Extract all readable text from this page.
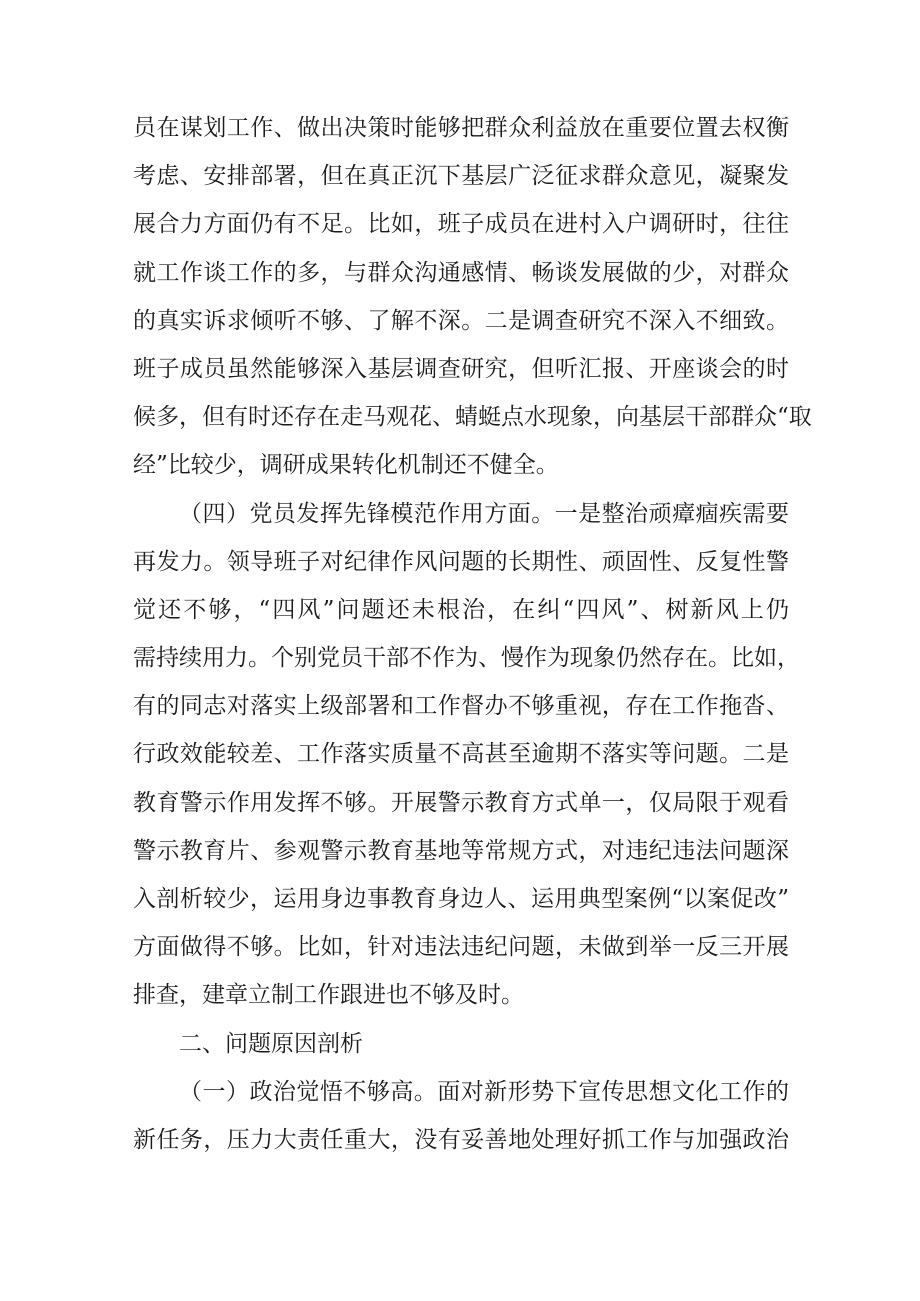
员在谋划工作、做出决策时能够把群众利益放在重要位置去权衡
考虑、安排部署，但在真正沉下基层广泛征求群众意见，凝聚发
展合力方面仍有不足。比如，班子成员在进村入户调研时，往往
就工作谈工作的多，与群众沟通感情、畅谈发展做的少，对群众
的真实诉求倾听不够、了解不深。二是调查研究不深入不细致。
班子成员虽然能够深入基层调查研究，但听汇报、开座谈会的时
候多，但有时还存在走马观花、蜻蜓点水现象，向基层干部群众“取
经”比较少，调研成果转化机制还不健全。
（四）党员发挥先锋模范作用方面。一是整治顽瘴痼疾需要
再发力。领导班子对纪律作风问题的长期性、顽固性、反复性警
觉还不够，“四风”问题还未根治，在纠“四风”、树新风上仍
需持续用力。个别党员干部不作为、慢作为现象仍然存在。比如，
有的同志对落实上级部署和工作督办不够重视，存在工作拖沓、
行政效能较差、工作落实质量不高甚至逾期不落实等问题。二是
教育警示作用发挥不够。开展警示教育方式单一，仅局限于观看
警示教育片、参观警示教育基地等常规方式，对违纪违法问题深
入剖析较少，运用身边事教育身边人、运用典型案例“以案促改”
方面做得不够。比如，针对违法违纪问题，未做到举一反三开展
排查，建章立制工作跟进也不够及时。
二、问题原因剖析
（一）政治觉悟不够高。面对新形势下宣传思想文化工作的
新任务，压力大责任重大，没有妥善地处理好抓工作与加强政治
